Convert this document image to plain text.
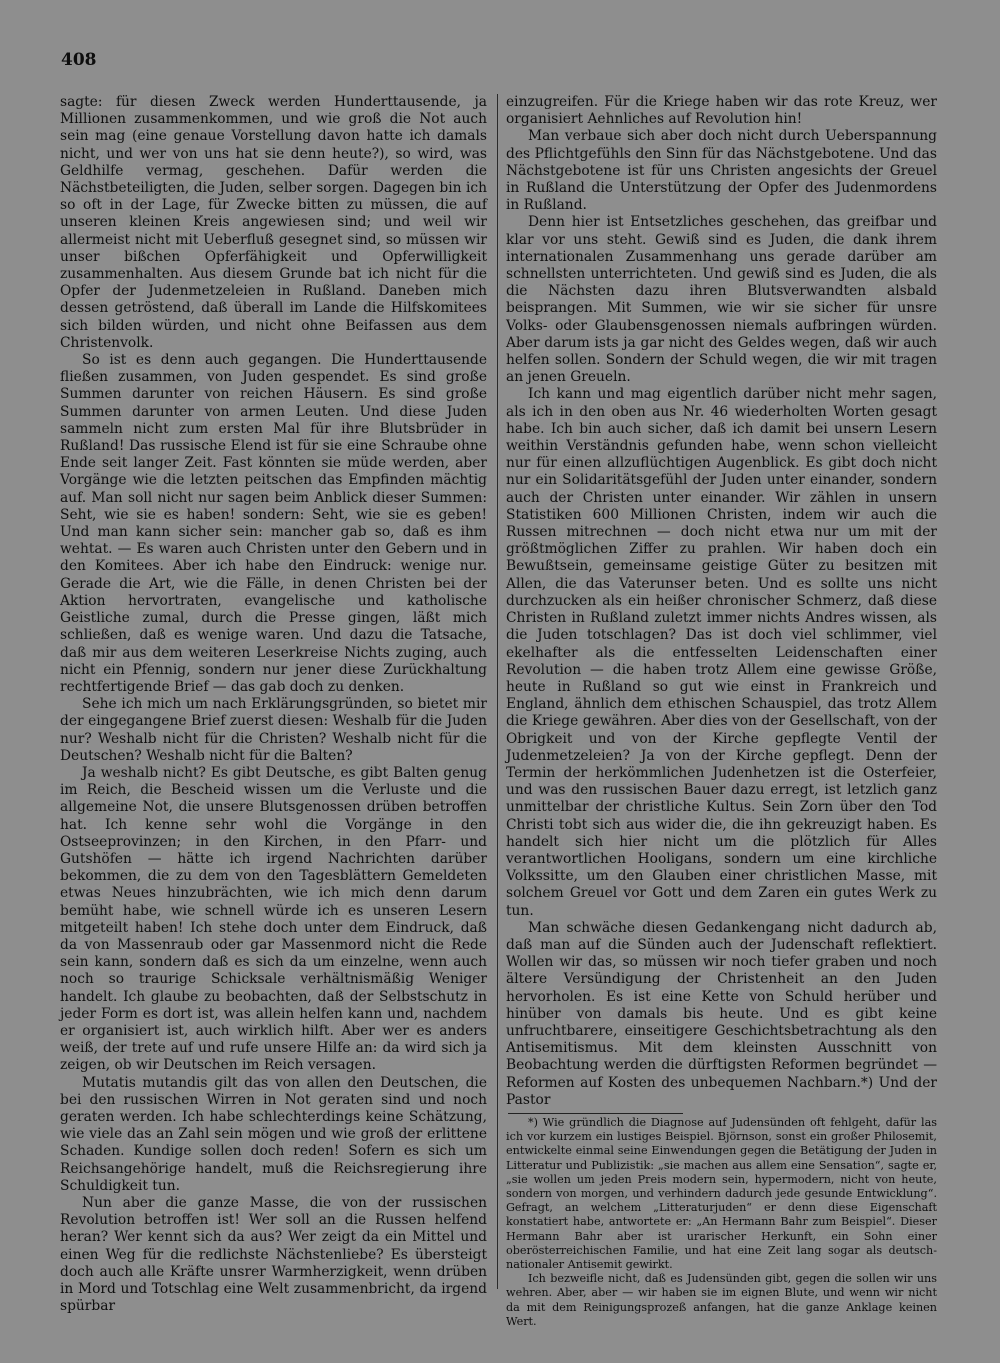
408

sagte: für diesen Zweck werden Hunderttausende, ja Millionen zusammenkommen, und wie groß die Not auch sein mag (eine genaue Vorstellung davon hatte ich damals nicht, und wer von uns hat sie denn heute?), so wird, was Geldhilfe vermag, geschehen. Dafür werden die Nächstbeteiligten, die Juden, selber sorgen. Dagegen bin ich so oft in der Lage, für Zwecke bitten zu müssen, die auf unseren kleinen Kreis angewiesen sind; und weil wir allermeist nicht mit Ueberfluß gesegnet sind, so müssen wir unser bißchen Opferfähigkeit und Opferwilligkeit zusammenhalten. Aus diesem Grunde bat ich nicht für die Opfer der Judenmetzeleien in Rußland. Daneben mich dessen getröstend, daß überall im Lande die Hilfskomitees sich bilden würden, und nicht ohne Beifassen aus dem Christenvolk.

So ist es denn auch gegangen. Die Hunderttausende fließen zusammen, von Juden gespendet. Es sind große Summen darunter von reichen Häusern. Es sind große Summen darunter von armen Leuten. Und diese Juden sammeln nicht zum ersten Mal für ihre Blutsbrüder in Rußland! Das russische Elend ist für sie eine Schraube ohne Ende seit langer Zeit. Fast könnten sie müde werden, aber Vorgänge wie die letzten peitschen das Empfinden mächtig auf. Man soll nicht nur sagen beim Anblick dieser Summen: Seht, wie sie es haben! sondern: Seht, wie sie es geben! Und man kann sicher sein: mancher gab so, daß es ihm wehtat. — Es waren auch Christen unter den Gebern und in den Komitees. Aber ich habe den Eindruck: wenige nur. Gerade die Art, wie die Fälle, in denen Christen bei der Aktion hervortraten, evangelische und katholische Geistliche zumal, durch die Presse gingen, läßt mich schließen, daß es wenige waren. Und dazu die Tatsache, daß mir aus dem weiteren Leserkreise Nichts zuging, auch nicht ein Pfennig, sondern nur jener diese Zurückhaltung rechtfertigende Brief — das gab doch zu denken.

Sehe ich mich um nach Erklärungsgründen, so bietet mir der eingegangene Brief zuerst diesen: Weshalb für die Juden nur? Weshalb nicht für die Christen? Weshalb nicht für die Deutschen? Weshalb nicht für die Balten?

Ja weshalb nicht? Es gibt Deutsche, es gibt Balten genug im Reich, die Bescheid wissen um die Verluste und die allgemeine Not, die unsere Blutsgenossen drüben betroffen hat. Ich kenne sehr wohl die Vorgänge in den Ostseeprovinzen; in den Kirchen, in den Pfarr- und Gutshöfen — hätte ich irgend Nachrichten darüber bekommen, die zu dem von den Tagesblättern Gemeldeten etwas Neues hinzubrächten, wie ich mich denn darum bemüht habe, wie schnell würde ich es unseren Lesern mitgeteilt haben! Ich stehe doch unter dem Eindruck, daß da von Massenraub oder gar Massenmord nicht die Rede sein kann, sondern daß es sich da um einzelne, wenn auch noch so traurige Schicksale verhältnismäßig Weniger handelt. Ich glaube zu beobachten, daß der Selbstschutz in jeder Form es dort ist, was allein helfen kann und, nachdem er organisiert ist, auch wirklich hilft. Aber wer es anders weiß, der trete auf und rufe unsere Hilfe an: da wird sich ja zeigen, ob wir Deutschen im Reich versagen.

Mutatis mutandis gilt das von allen den Deutschen, die bei den russischen Wirren in Not geraten sind und noch geraten werden. Ich habe schlechterdings keine Schätzung, wie viele das an Zahl sein mögen und wie groß der erlittene Schaden. Kundige sollen doch reden! Sofern es sich um Reichsangehörige handelt, muß die Reichsregierung ihre Schuldigkeit tun.

Nun aber die ganze Masse, die von der russischen Revolution betroffen ist! Wer soll an die Russen helfend heran? Wer kennt sich da aus? Wer zeigt da ein Mittel und einen Weg für die redlichste Nächstenliebe? Es übersteigt doch auch alle Kräfte unsrer Warmherzigkeit, wenn drüben in Mord und Totschlag eine Welt zusammenbricht, da irgend spürbar

einzugreifen. Für die Kriege haben wir das rote Kreuz, wer organisiert Aehnliches auf Revolution hin!

Man verbaue sich aber doch nicht durch Ueberspannung des Pflichtgefühls den Sinn für das Nächstgebotene. Und das Nächstgebotene ist für uns Christen angesichts der Greuel in Rußland die Unterstützung der Opfer des Judenmordens in Rußland.

Denn hier ist Entsetzliches geschehen, das greifbar und klar vor uns steht. Gewiß sind es Juden, die dank ihrem internationalen Zusammenhang uns gerade darüber am schnellsten unterrichteten. Und gewiß sind es Juden, die als die Nächsten dazu ihren Blutsverwandten alsbald beisprangen. Mit Summen, wie wir sie sicher für unsre Volks- oder Glaubensgenossen niemals aufbringen würden. Aber darum ists ja gar nicht des Geldes wegen, daß wir auch helfen sollen. Sondern der Schuld wegen, die wir mit tragen an jenen Greueln.

Ich kann und mag eigentlich darüber nicht mehr sagen, als ich in den oben aus Nr. 46 wiederholten Worten gesagt habe. Ich bin auch sicher, daß ich damit bei unsern Lesern weithin Verständnis gefunden habe, wenn schon vielleicht nur für einen allzuflüchtigen Augenblick. Es gibt doch nicht nur ein Solidaritätsgefühl der Juden unter einander, sondern auch der Christen unter einander. Wir zählen in unsern Statistiken 600 Millionen Christen, indem wir auch die Russen mitrechnen — doch nicht etwa nur um mit der größtmöglichen Ziffer zu prahlen. Wir haben doch ein Bewußtsein, gemeinsame geistige Güter zu besitzen mit Allen, die das Vaterunser beten. Und es sollte uns nicht durchzucken als ein heißer chronischer Schmerz, daß diese Christen in Rußland zuletzt immer nichts Andres wissen, als die Juden totschlagen? Das ist doch viel schlimmer, viel ekelhafter als die entfesselten Leidenschaften einer Revolution — die haben trotz Allem eine gewisse Größe, heute in Rußland so gut wie einst in Frankreich und England, ähnlich dem ethischen Schauspiel, das trotz Allem die Kriege gewähren. Aber dies von der Gesellschaft, von der Obrigkeit und von der Kirche gepflegte Ventil der Judenmetzeleien? Ja von der Kirche gepflegt. Denn der Termin der herkömmlichen Judenhetzen ist die Osterfeier, und was den russischen Bauer dazu erregt, ist letzlich ganz unmittelbar der christliche Kultus. Sein Zorn über den Tod Christi tobt sich aus wider die, die ihn gekreuzigt haben. Es handelt sich hier nicht um die plötzlich für Alles verantwortlichen Hooligans, sondern um eine kirchliche Volkssitte, um den Glauben einer christlichen Masse, mit solchem Greuel vor Gott und dem Zaren ein gutes Werk zu tun.

Man schwäche diesen Gedankengang nicht dadurch ab, daß man auf die Sünden auch der Judenschaft reflektiert. Wollen wir das, so müssen wir noch tiefer graben und noch ältere Versündigung der Christenheit an den Juden hervorholen. Es ist eine Kette von Schuld herüber und hinüber von damals bis heute. Und es gibt keine unfruchtbarere, einseitigere Geschichtsbetrachtung als den Antisemitismus. Mit dem kleinsten Ausschnitt von Beobachtung werden die dürftigsten Reformen begründet — Reformen auf Kosten des unbequemen Nachbarn.*) Und der Pastor

*) Wie gründlich die Diagnose auf Judensünden oft fehlgeht, dafür las ich vor kurzem ein lustiges Beispiel. Björnson, sonst ein großer Philosemit, entwickelte einmal seine Einwendungen gegen die Betätigung der Juden in Litteratur und Publizistik: „sie machen aus allem eine Sensation“, sagte er, „sie wollen um jeden Preis modern sein, hypermodern, nicht von heute, sondern von morgen, und verhindern dadurch jede gesunde Entwicklung“. Gefragt, an welchem „Litteraturjuden“ er denn diese Eigenschaft konstatiert habe, antwortete er: „An Hermann Bahr zum Beispiel“. Dieser Hermann Bahr aber ist urarischer Herkunft, ein Sohn einer oberösterreichischen Familie, und hat eine Zeit lang sogar als deutsch-nationaler Antisemit gewirkt.

Ich bezweifle nicht, daß es Judensünden gibt, gegen die sollen wir uns wehren. Aber, aber — wir haben sie im eignen Blute, und wenn wir nicht da mit dem Reinigungsprozeß anfangen, hat die ganze Anklage keinen Wert.
